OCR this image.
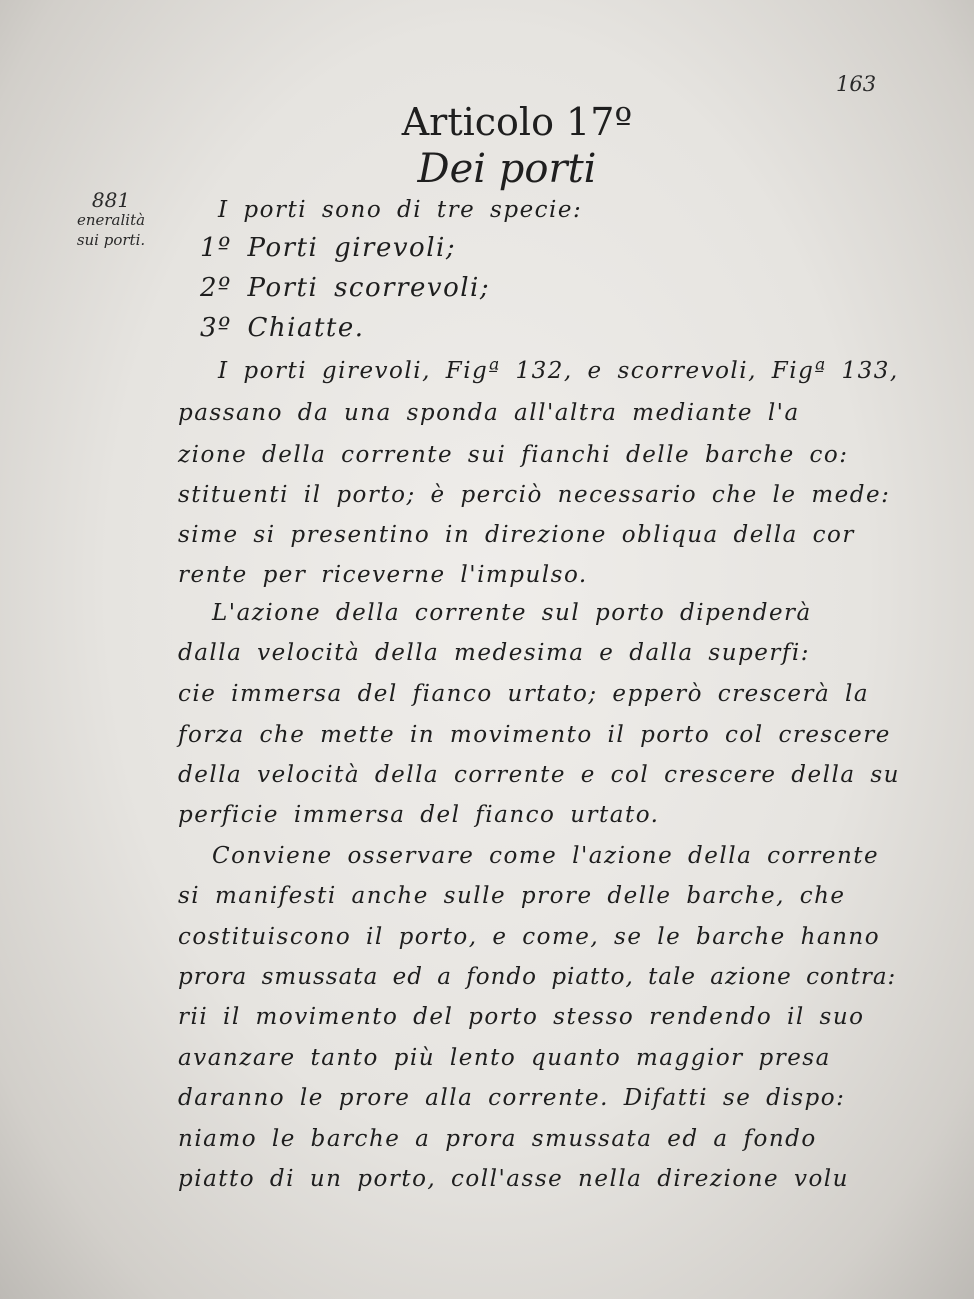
163
Articolo 17º
Dei porti
881
eneralità
sui porti.
I porti sono di tre specie:
1º Porti girevoli;
2º Porti scorrevoli;
3º Chiatte.
I porti girevoli, Figª 132, e scorrevoli, Figª 133,
passano da una sponda all'altra mediante l'a
zione della corrente sui fianchi delle barche co:
stituenti il porto; è perciò necessario che le mede:
sime si presentino in direzione obliqua della cor
rente per riceverne l'impulso.
L'azione della corrente sul porto dipenderà
dalla velocità della medesima e dalla superfi:
cie immersa del fianco urtato; epperò crescerà la
forza che mette in movimento il porto col crescere
della velocità della corrente e col crescere della su
perficie immersa del fianco urtato.
Conviene osservare come l'azione della corrente
si manifesti anche sulle prore delle barche, che
costituiscono il porto, e come, se le barche hanno
prora smussata ed a fondo piatto, tale azione contra:
rii il movimento del porto stesso rendendo il suo
avanzare tanto più lento quanto maggior presa
daranno le prore alla corrente. Difatti se dispo:
niamo le barche a prora smussata ed a fondo
piatto di un porto, coll'asse nella direzione volu
